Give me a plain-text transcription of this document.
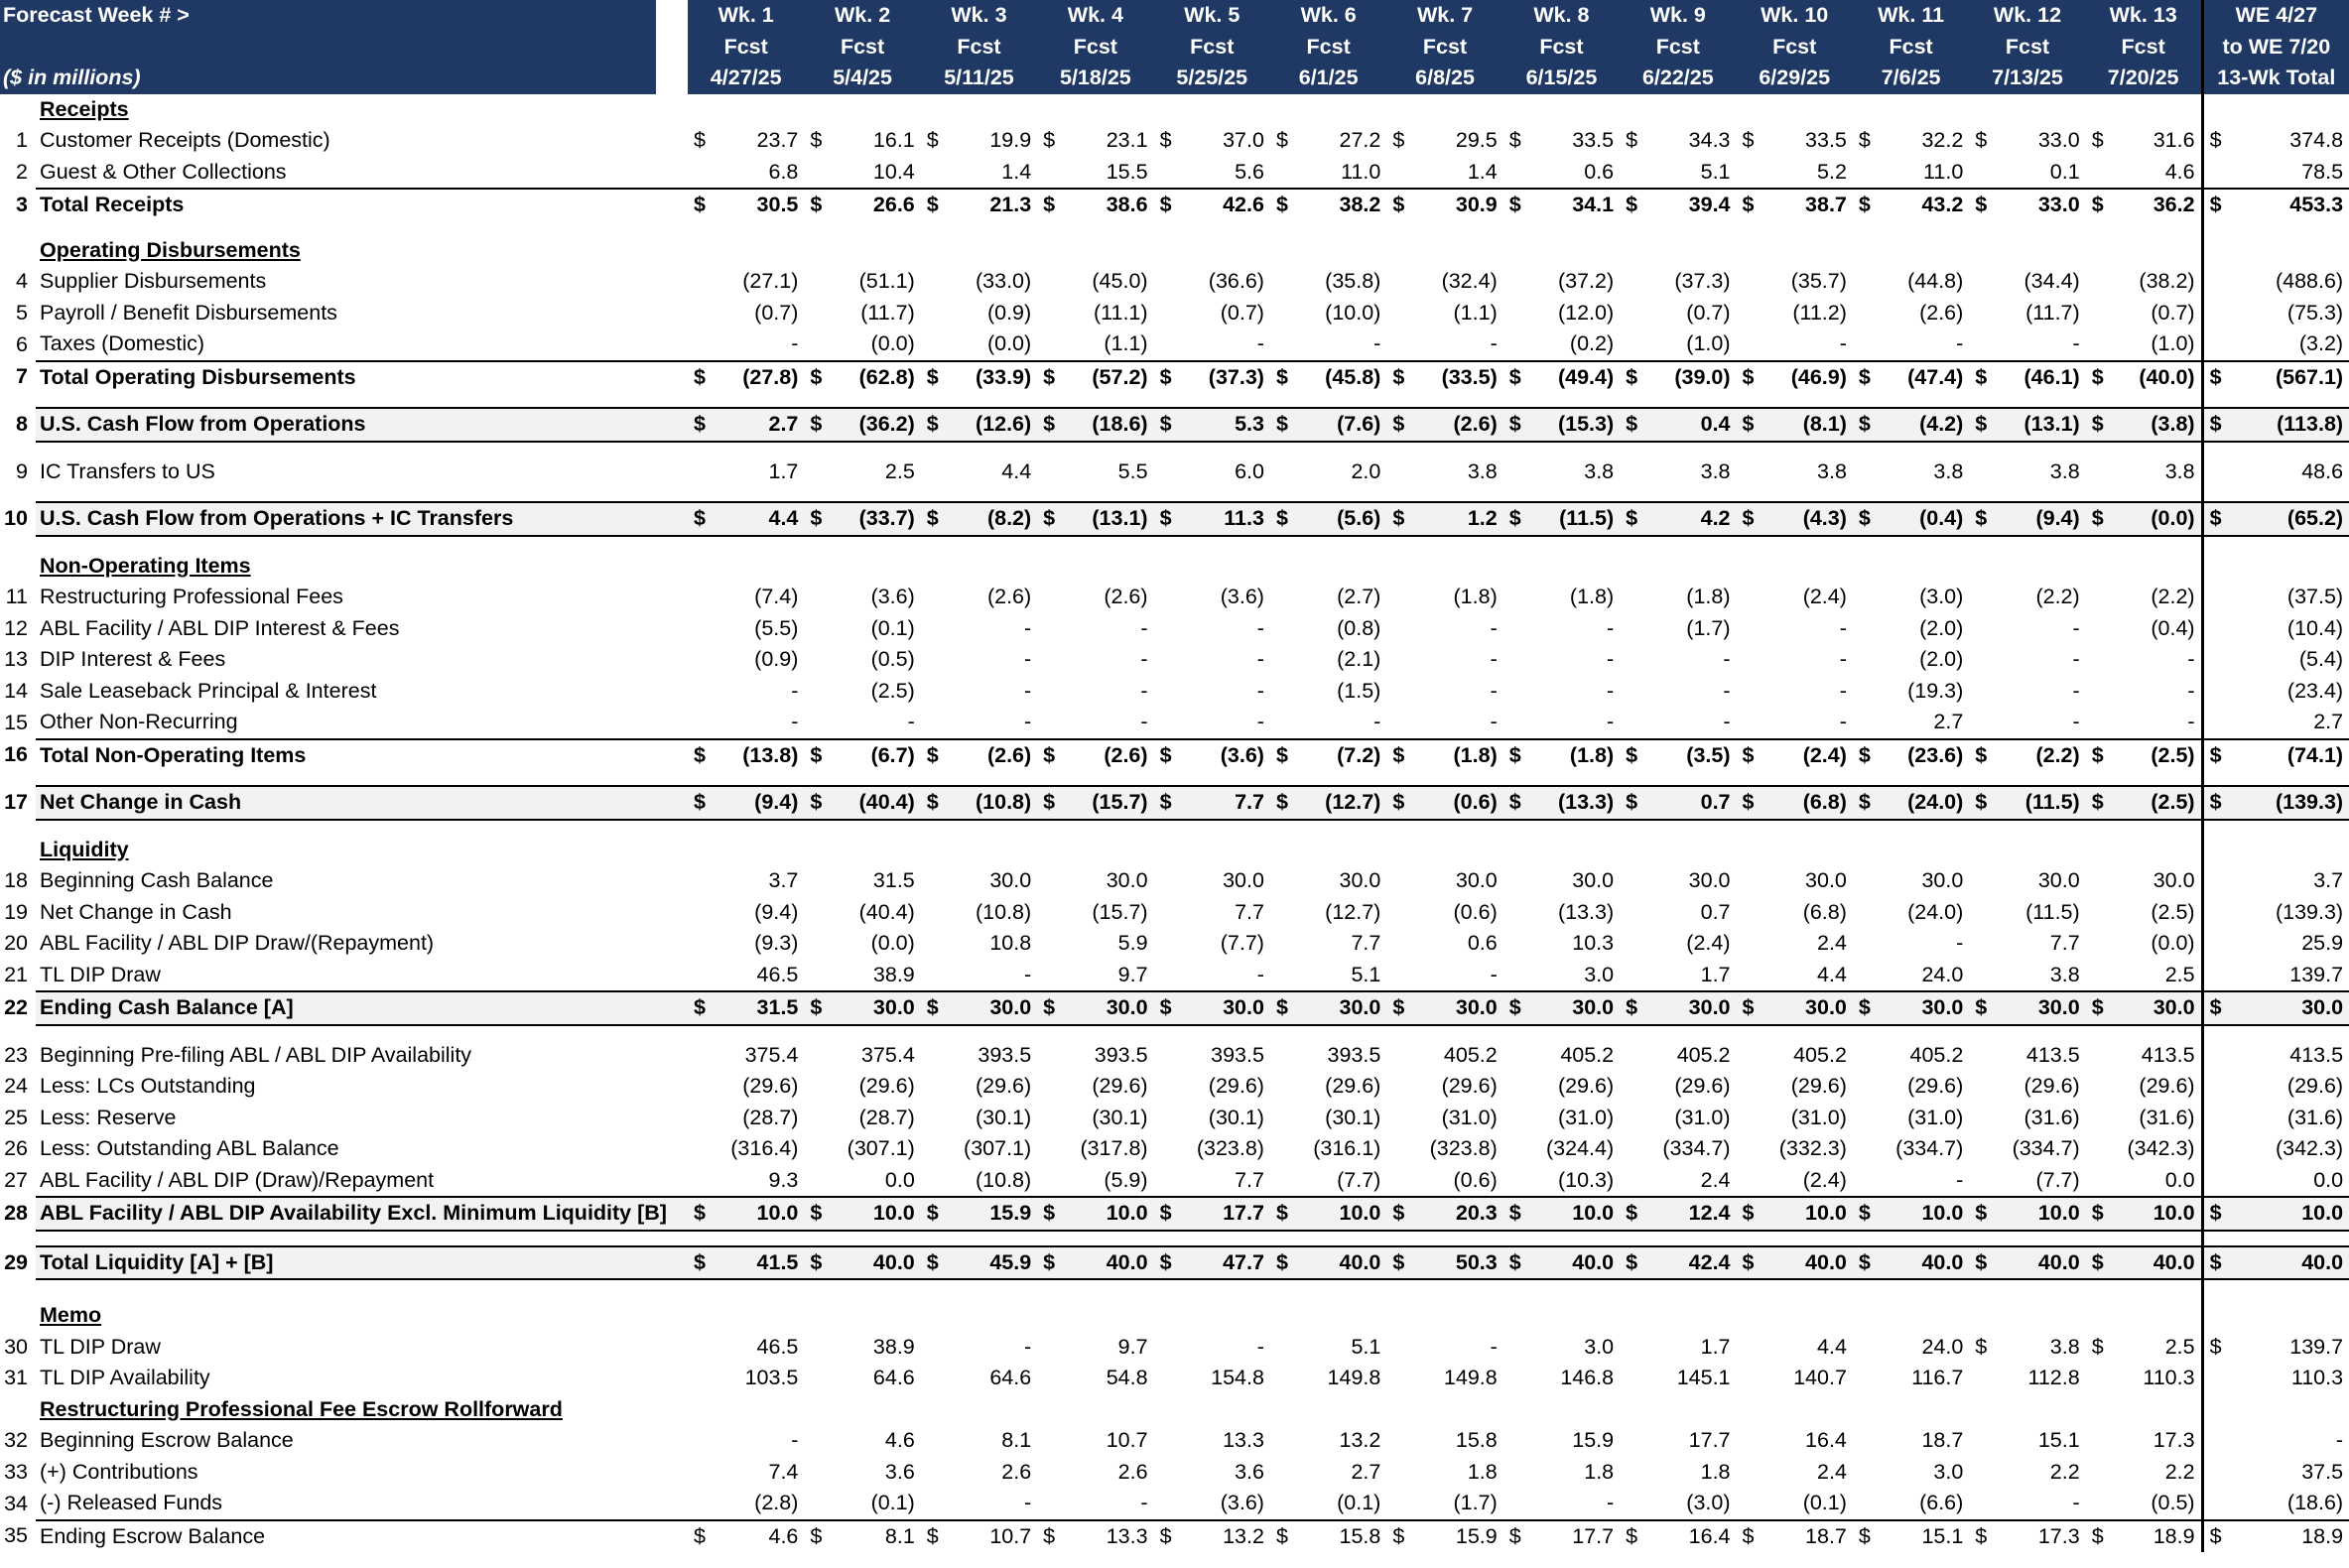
Forecast Week # >			Wk. 1	Wk. 2	Wk. 3	Wk. 4	Wk. 5	Wk. 6	Wk. 7	Wk. 8	Wk. 9	Wk. 10	Wk. 11	Wk. 12	Wk. 13	WE 4/27
			Fcst	Fcst	Fcst	Fcst	Fcst	Fcst	Fcst	Fcst	Fcst	Fcst	Fcst	Fcst	Fcst	to WE 7/20
($ in millions)			4/27/25	5/4/25	5/11/25	5/18/25	5/25/25	6/1/25	6/8/25	6/15/25	6/22/25	6/29/25	7/6/25	7/13/25	7/20/25	13-Wk Total
	Receipts															
1	Customer Receipts (Domestic)		$ 23.7	$ 16.1	$ 19.9	$ 23.1	$ 37.0	$ 27.2	$ 29.5	$ 33.5	$ 34.3	$ 33.5	$ 32.2	$ 33.0	$ 31.6	$ 374.8

2	Guest & Other Collections		6.8	10.4	1.4	15.5	5.6	11.0	1.4	0.6	5.1	5.2	11.0	0.1	4.6	78.5

3	Total Receipts		$ 30.5	$ 26.6	$ 21.3	$ 38.6	$ 42.6	$ 38.2	$ 30.9	$ 34.1	$ 39.4	$ 38.7	$ 43.2	$ 33.0	$ 36.2	$ 453.3

	Operating Disbursements															
4	Supplier Disbursements		(27.1)	(51.1)	(33.0)	(45.0)	(36.6)	(35.8)	(32.4)	(37.2)	(37.3)	(35.7)	(44.8)	(34.4)	(38.2)	(488.6)

5	Payroll / Benefit Disbursements		(0.7)	(11.7)	(0.9)	(11.1)	(0.7)	(10.0)	(1.1)	(12.0)	(0.7)	(11.2)	(2.6)	(11.7)	(0.7)	(75.3)

6	Taxes (Domestic)		-	(0.0)	(0.0)	(1.1)	-	-	-	(0.2)	(1.0)	-	-	-	(1.0)	(3.2)

7	Total Operating Disbursements		$ (27.8)	$ (62.8)	$ (33.9)	$ (57.2)	$ (37.3)	$ (45.8)	$ (33.5)	$ (49.4)	$ (39.0)	$ (46.9)	$ (47.4)	$ (46.1)	$ (40.0)	$ (567.1)

8	U.S. Cash Flow from Operations		$ 2.7	$ (36.2)	$ (12.6)	$ (18.6)	$ 5.3	$ (7.6)	$ (2.6)	$ (15.3)	$ 0.4	$ (8.1)	$ (4.2)	$ (13.1)	$ (3.8)	$ (113.8)

9	IC Transfers to US		1.7	2.5	4.4	5.5	6.0	2.0	3.8	3.8	3.8	3.8	3.8	3.8	3.8	48.6

10	U.S. Cash Flow from Operations + IC Transfers		$ 4.4	$ (33.7)	$ (8.2)	$ (13.1)	$ 11.3	$ (5.6)	$ 1.2	$ (11.5)	$ 4.2	$ (4.3)	$ (0.4)	$ (9.4)	$ (0.0)	$ (65.2)

	Non-Operating Items															
11	Restructuring Professional Fees		(7.4)	(3.6)	(2.6)	(2.6)	(3.6)	(2.7)	(1.8)	(1.8)	(1.8)	(2.4)	(3.0)	(2.2)	(2.2)	(37.5)

12	ABL Facility / ABL DIP Interest & Fees		(5.5)	(0.1)	-	-	-	(0.8)	-	-	(1.7)	-	(2.0)	-	(0.4)	(10.4)

13	DIP Interest & Fees		(0.9)	(0.5)	-	-	-	(2.1)	-	-	-	-	(2.0)	-	-	(5.4)

14	Sale Leaseback Principal & Interest		-	(2.5)	-	-	-	(1.5)	-	-	-	-	(19.3)	-	-	(23.4)

15	Other Non-Recurring		-	-	-	-	-	-	-	-	-	-	2.7	-	-	2.7

16	Total Non-Operating Items		$ (13.8)	$ (6.7)	$ (2.6)	$ (2.6)	$ (3.6)	$ (7.2)	$ (1.8)	$ (1.8)	$ (3.5)	$ (2.4)	$ (23.6)	$ (2.2)	$ (2.5)	$ (74.1)

17	Net Change in Cash		$ (9.4)	$ (40.4)	$ (10.8)	$ (15.7)	$ 7.7	$ (12.7)	$ (0.6)	$ (13.3)	$ 0.7	$ (6.8)	$ (24.0)	$ (11.5)	$ (2.5)	$ (139.3)

	Liquidity															
18	Beginning Cash Balance		3.7	31.5	30.0	30.0	30.0	30.0	30.0	30.0	30.0	30.0	30.0	30.0	30.0	3.7

19	Net Change in Cash		(9.4)	(40.4)	(10.8)	(15.7)	7.7	(12.7)	(0.6)	(13.3)	0.7	(6.8)	(24.0)	(11.5)	(2.5)	(139.3)

20	ABL Facility / ABL DIP Draw/(Repayment)		(9.3)	(0.0)	10.8	5.9	(7.7)	7.7	0.6	10.3	(2.4)	2.4	-	7.7	(0.0)	25.9

21	TL DIP Draw		46.5	38.9	-	9.7	-	5.1	-	3.0	1.7	4.4	24.0	3.8	2.5	139.7

22	Ending Cash Balance [A]		$ 31.5	$ 30.0	$ 30.0	$ 30.0	$ 30.0	$ 30.0	$ 30.0	$ 30.0	$ 30.0	$ 30.0	$ 30.0	$ 30.0	$ 30.0	$ 30.0

23	Beginning Pre-filing ABL / ABL DIP Availability		375.4	375.4	393.5	393.5	393.5	393.5	405.2	405.2	405.2	405.2	405.2	413.5	413.5	413.5

24	Less: LCs Outstanding		(29.6)	(29.6)	(29.6)	(29.6)	(29.6)	(29.6)	(29.6)	(29.6)	(29.6)	(29.6)	(29.6)	(29.6)	(29.6)	(29.6)

25	Less: Reserve		(28.7)	(28.7)	(30.1)	(30.1)	(30.1)	(30.1)	(31.0)	(31.0)	(31.0)	(31.0)	(31.0)	(31.6)	(31.6)	(31.6)

26	Less: Outstanding ABL Balance		(316.4)	(307.1)	(307.1)	(317.8)	(323.8)	(316.1)	(323.8)	(324.4)	(334.7)	(332.3)	(334.7)	(334.7)	(342.3)	(342.3)

27	ABL Facility / ABL DIP (Draw)/Repayment		9.3	0.0	(10.8)	(5.9)	7.7	(7.7)	(0.6)	(10.3)	2.4	(2.4)	-	(7.7)	0.0	0.0

28	ABL Facility / ABL DIP Availability Excl. Minimum Liquidity [B]		$ 10.0	$ 10.0	$ 15.9	$ 10.0	$ 17.7	$ 10.0	$ 20.3	$ 10.0	$ 12.4	$ 10.0	$ 10.0	$ 10.0	$ 10.0	$ 10.0

29	Total Liquidity [A] + [B]		$ 41.5	$ 40.0	$ 45.9	$ 40.0	$ 47.7	$ 40.0	$ 50.3	$ 40.0	$ 42.4	$ 40.0	$ 40.0	$ 40.0	$ 40.0	$ 40.0

	Memo															
30	TL DIP Draw		46.5	38.9	-	9.7	-	5.1	-	3.0	1.7	4.4	24.0	$ 3.8	$ 2.5	$ 139.7

31	TL DIP Availability		103.5	64.6	64.6	54.8	154.8	149.8	149.8	146.8	145.1	140.7	116.7	112.8	110.3	110.3

	Restructuring Professional Fee Escrow Rollforward															
32	Beginning Escrow Balance		-	4.6	8.1	10.7	13.3	13.2	15.8	15.9	17.7	16.4	18.7	15.1	17.3	-

33	(+) Contributions		7.4	3.6	2.6	2.6	3.6	2.7	1.8	1.8	1.8	2.4	3.0	2.2	2.2	37.5

34	(-) Released Funds		(2.8)	(0.1)	-	-	(3.6)	(0.1)	(1.7)	-	(3.0)	(0.1)	(6.6)	-	(0.5)	(18.6)

35	Ending Escrow Balance		$ 4.6	$ 8.1	$ 10.7	$ 13.3	$ 13.2	$ 15.8	$ 15.9	$ 17.7	$ 16.4	$ 18.7	$ 15.1	$ 17.3	$ 18.9	$ 18.9
